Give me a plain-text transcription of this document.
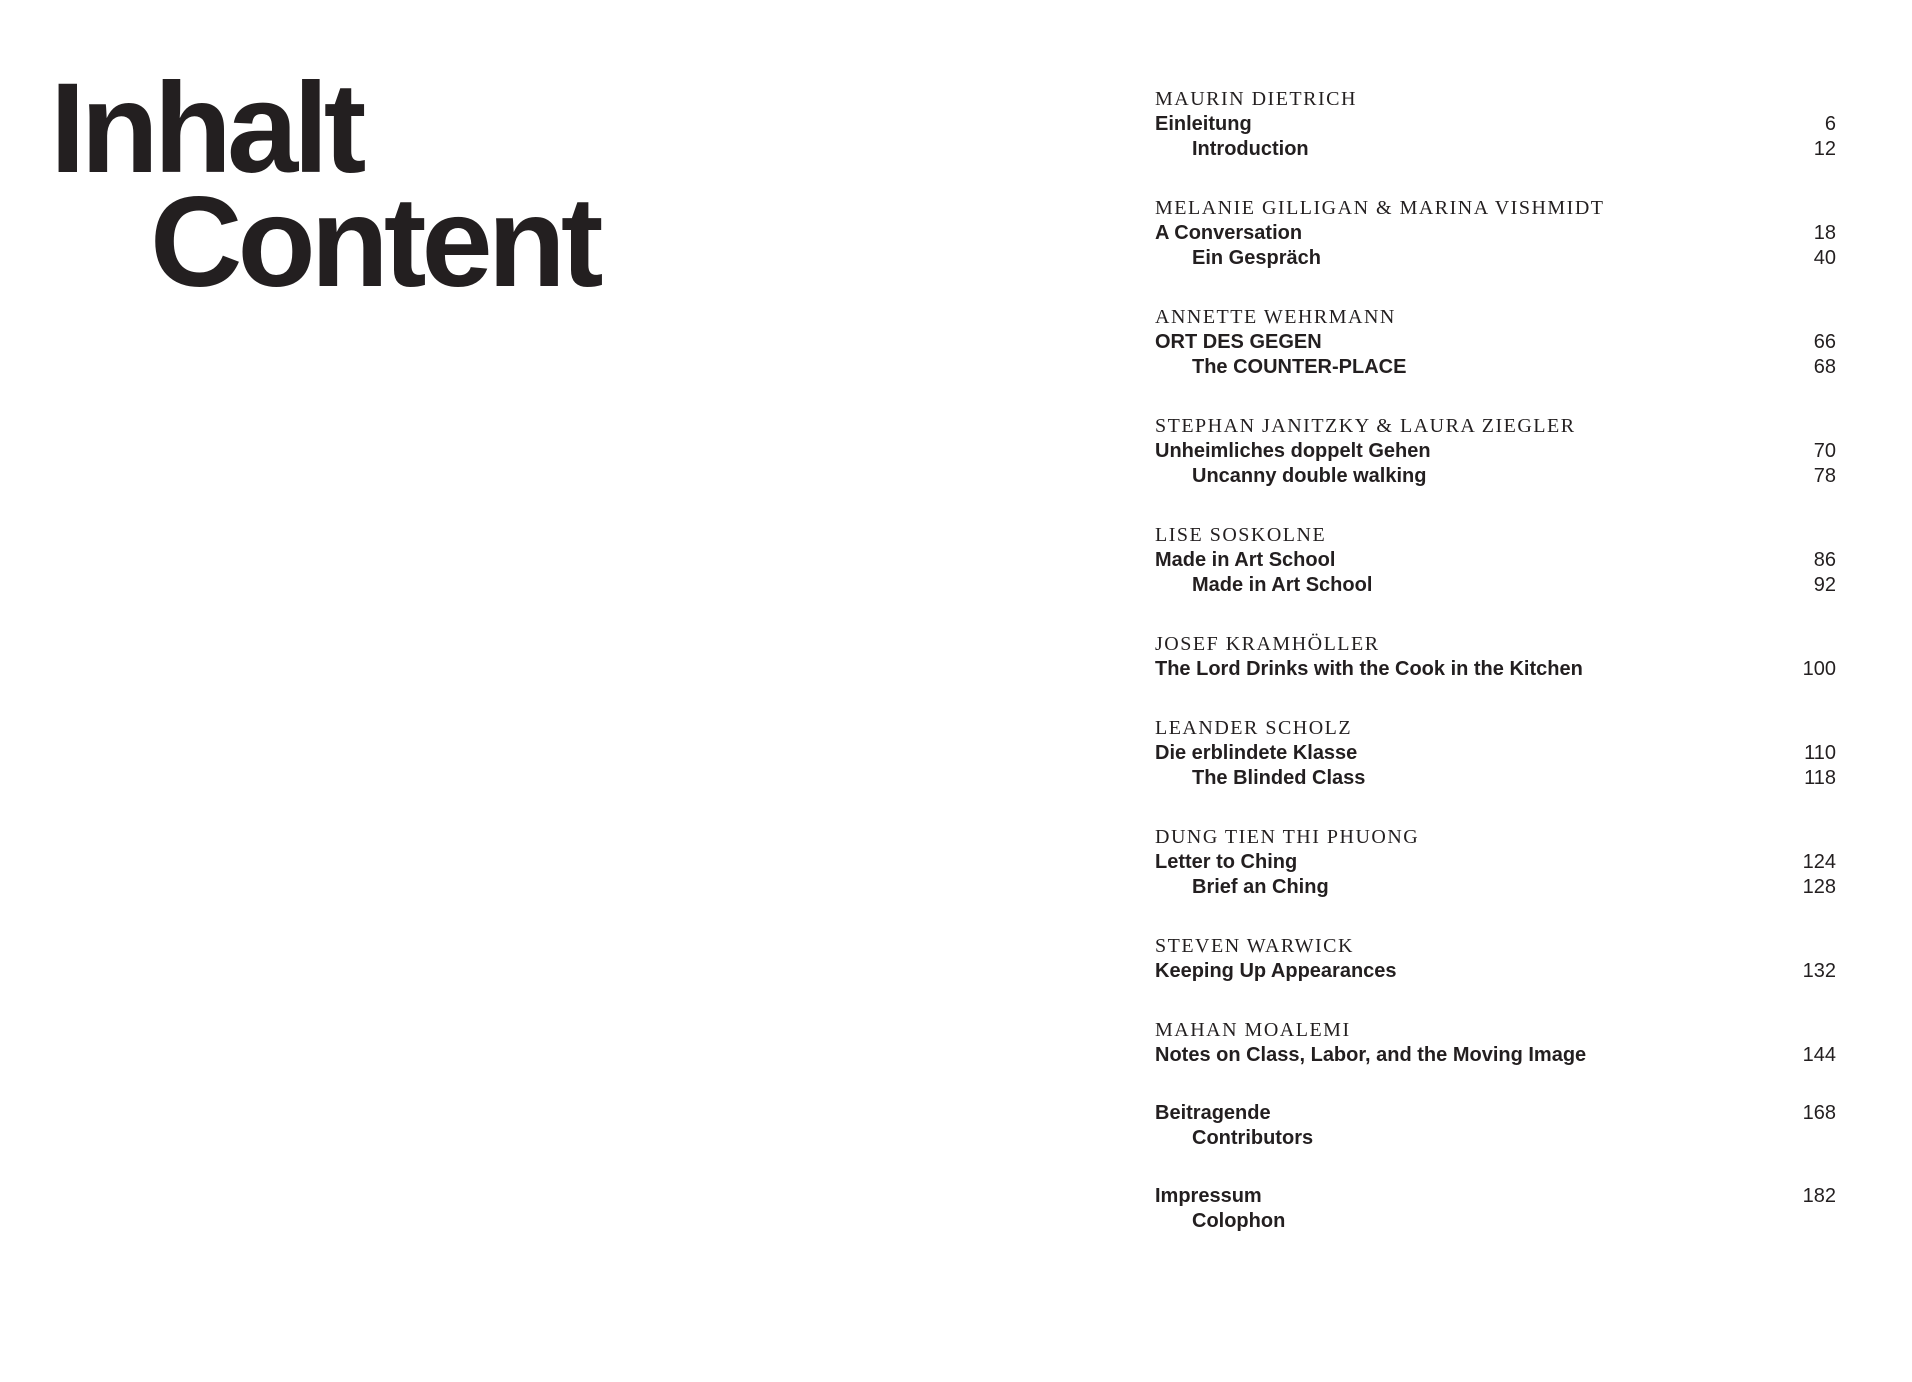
Inhalt
Content
MAURIN DIETRICH
Einleitung	6
Introduction	12
MELANIE GILLIGAN & MARINA VISHMIDT
A Conversation	18
Ein Gespräch	40
ANNETTE WEHRMANN
ORT DES GEGEN	66
The COUNTER-PLACE	68
STEPHAN JANITZKY & LAURA ZIEGLER
Unheimliches doppelt Gehen	70
Uncanny double walking	78
LISE SOSKOLNE
Made in Art School	86
Made in Art School	92
JOSEF KRAMHÖLLER
The Lord Drinks with the Cook in the Kitchen	100
LEANDER SCHOLZ
Die erblindete Klasse	110
The Blinded Class	118
DUNG TIEN THI PHUONG
Letter to Ching	124
Brief an Ching	128
STEVEN WARWICK
Keeping Up Appearances	132
MAHAN MOALEMI
Notes on Class, Labor, and the Moving Image	144
Beitragende	168
Contributors
Impressum	182
Colophon
